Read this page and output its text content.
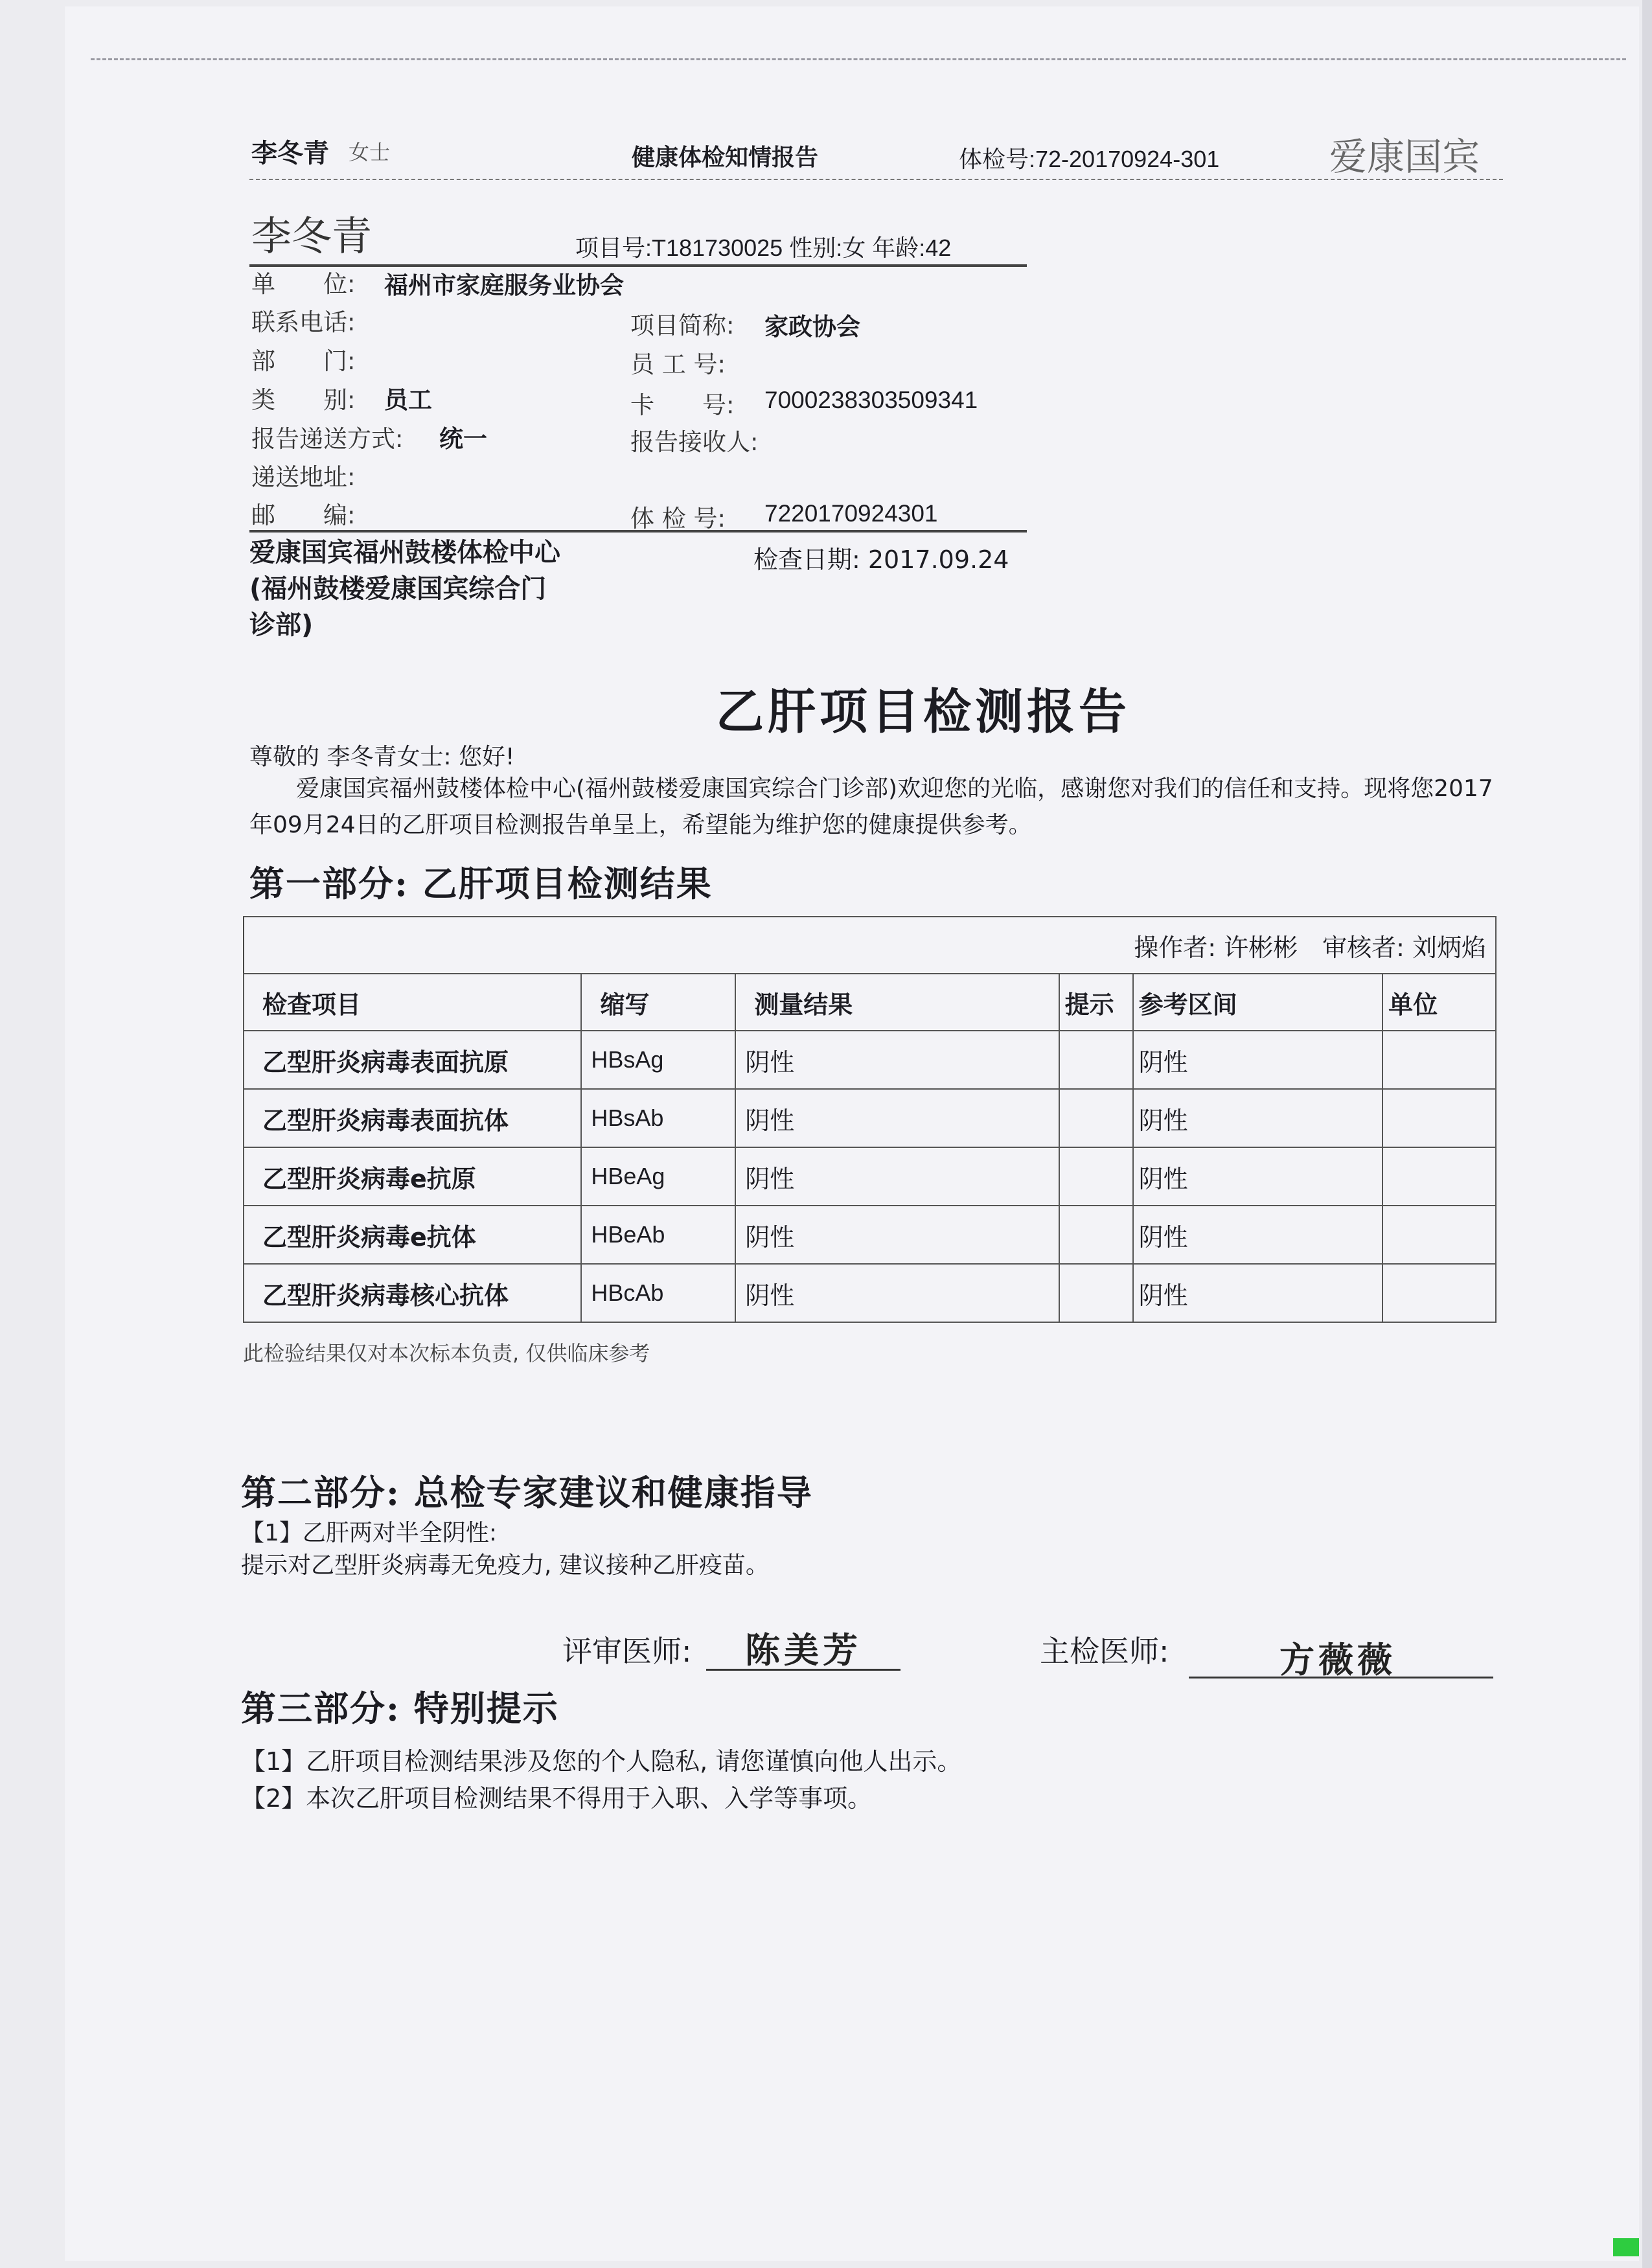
李冬青 女士	健康体检知情报告	体检号:72-20170924-301	爱康国宾
李冬青	项目号:T181730025 性别:女 年龄:42
单　　位: 福州市家庭服务业协会
联系电话:	项目简称: 家政协会
部　　门:	员 工 号:
类　　别: 员工	卡　　号: 7000238303509341
报告递送方式: 统一	报告接收人:
递送地址:
邮　　编:	体 检 号: 7220170924301
爱康国宾福州鼓楼体检中心
(福州鼓楼爱康国宾综合门
诊部)
检查日期: 2017.09.24
乙肝项目检测报告
尊敬的 李冬青女士: 您好!
爱康国宾福州鼓楼体检中心(福州鼓楼爱康国宾综合门诊部)欢迎您的光临，感谢您对我们的信任和支持。现将您2017年09月24日的乙肝项目检测报告单呈上，希望能为维护您的健康提供参考。
第一部分: 乙肝项目检测结果
操作者: 许彬彬　审核者: 刘炳焰					
检查项目	缩写	测量结果	提示	参考区间	单位
乙型肝炎病毒表面抗原	HBsAg	阴性		阴性	
乙型肝炎病毒表面抗体	HBsAb	阴性		阴性	
乙型肝炎病毒e抗原	HBeAg	阴性		阴性	
乙型肝炎病毒e抗体	HBeAb	阴性		阴性	
乙型肝炎病毒核心抗体	HBcAb	阴性		阴性	
此检验结果仅对本次标本负责, 仅供临床参考
第二部分: 总检专家建议和健康指导
【1】乙肝两对半全阴性:
提示对乙型肝炎病毒无免疫力, 建议接种乙肝疫苗。
评审医师: 陈美芳	主检医师:	方薇薇
第三部分: 特别提示
【1】乙肝项目检测结果涉及您的个人隐私, 请您谨慎向他人出示。
【2】本次乙肝项目检测结果不得用于入职、入学等事项。
